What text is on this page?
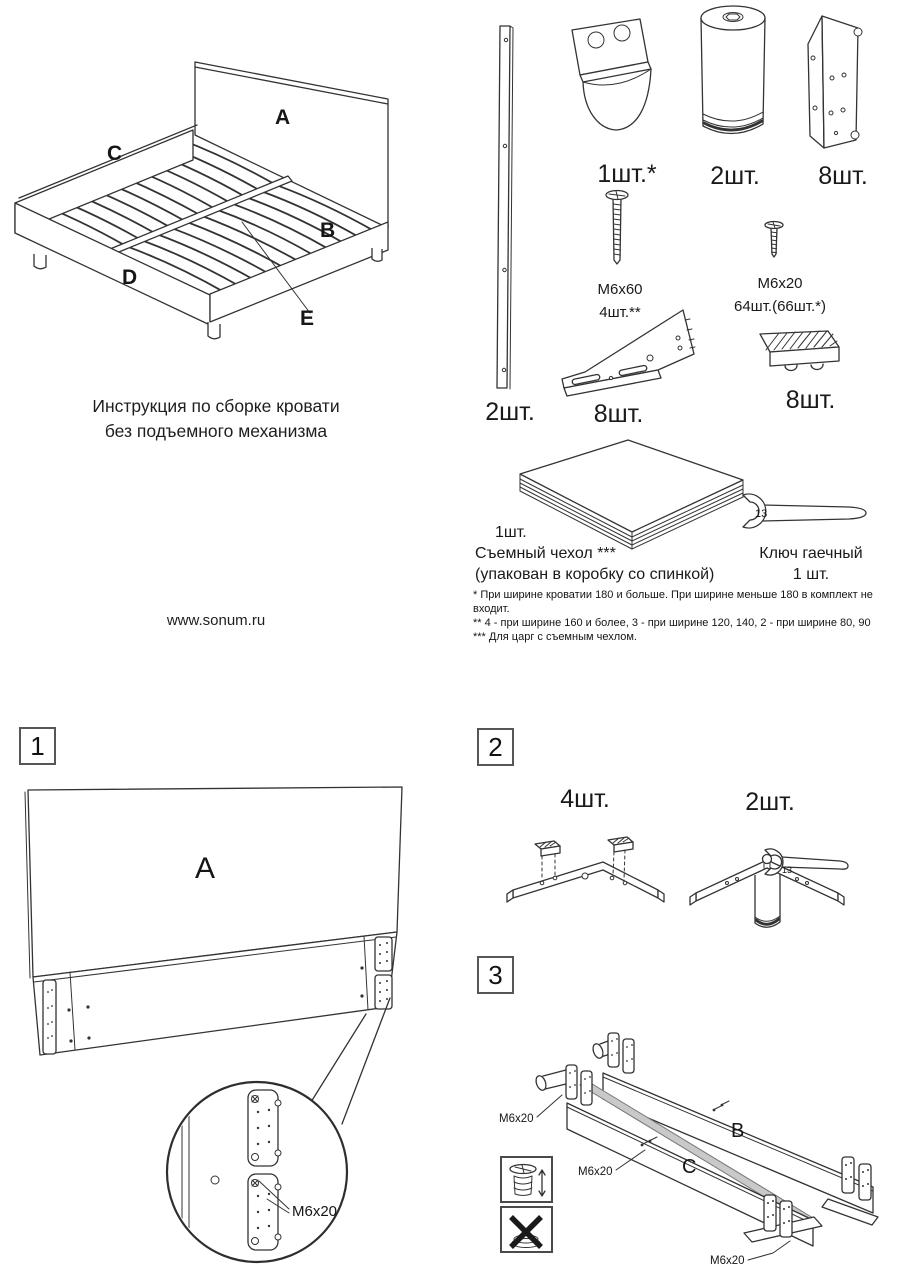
A
B
C
D
E
Инструкция по сборке кровати
без подъемного механизма
www.sonum.ru
2шт.
1шт.*	2шт.	8шт.
M6x60
4шт.**
M6x20
64шт.(66шт.*)
8шт.	8шт.
1шт.
Съемный чехол ***
(упакован в коробку со спинкой)
13
Ключ гаечный
1 шт.
* При ширине кроватии 180 и больше. При ширине меньше 180 в комплект не входит.
** 4 - при ширине 160 и более, 3 - при ширине 120, 140, 2 - при ширине 80, 90
*** Для царг с съемным чехлом.
1
M6x20
A
2
4шт.	2шт.
13
3
M6x20
M6x20
M6x20
B
C
